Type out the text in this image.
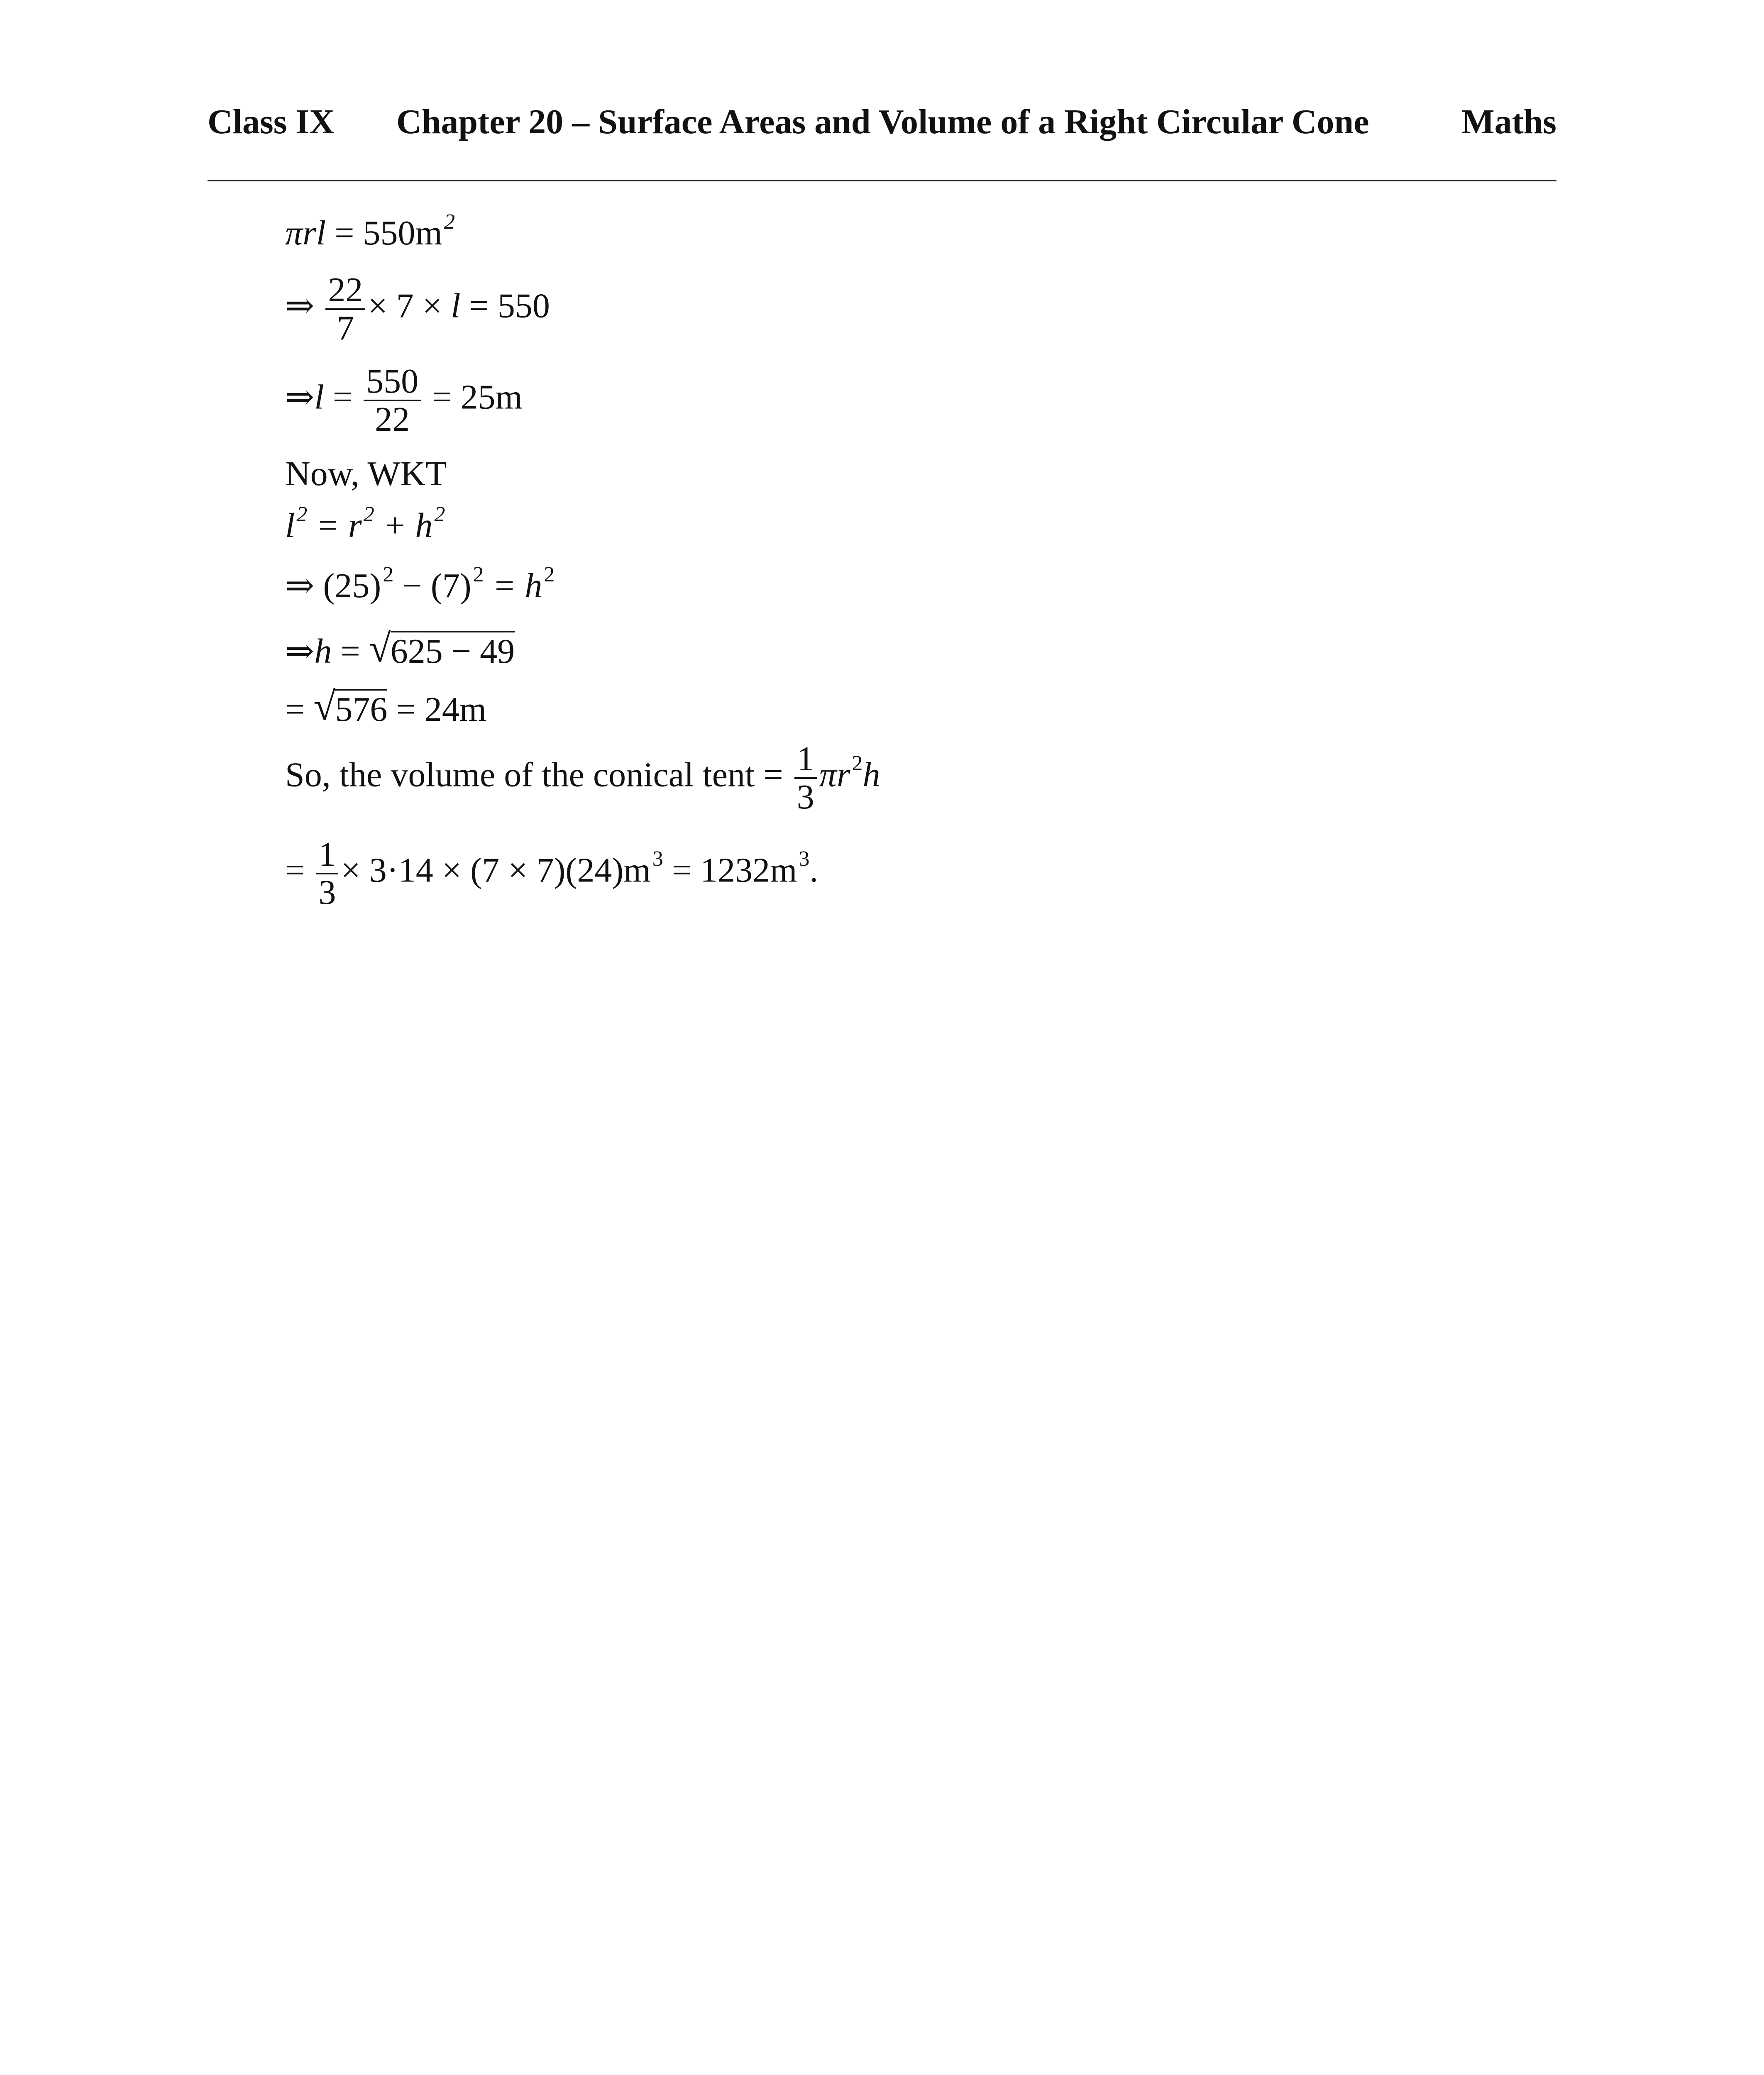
Class IX Chapter 20 – Surface Areas and Volume of a Right Circular Cone	Maths
$\pi rl = 550m^2$
⇒ $\frac{22}{7} \times 7 \times l = 550$
⇒l = $\frac{550}{22} = 25m$
Now, WKT
$l^2 = r^2 + h^2$
⇒ $(25)^2 - (7)^2 = h^2$
⇒h = √ 625 − 49
= √ 576 = 24m
So, the volume of the conical tent = $\frac{1}{3} \pi r^2h$
= $\frac{1}{3} \times 3\cdot 14 \times (7 \times 7)(24)m^3 = 1232m^3$.
